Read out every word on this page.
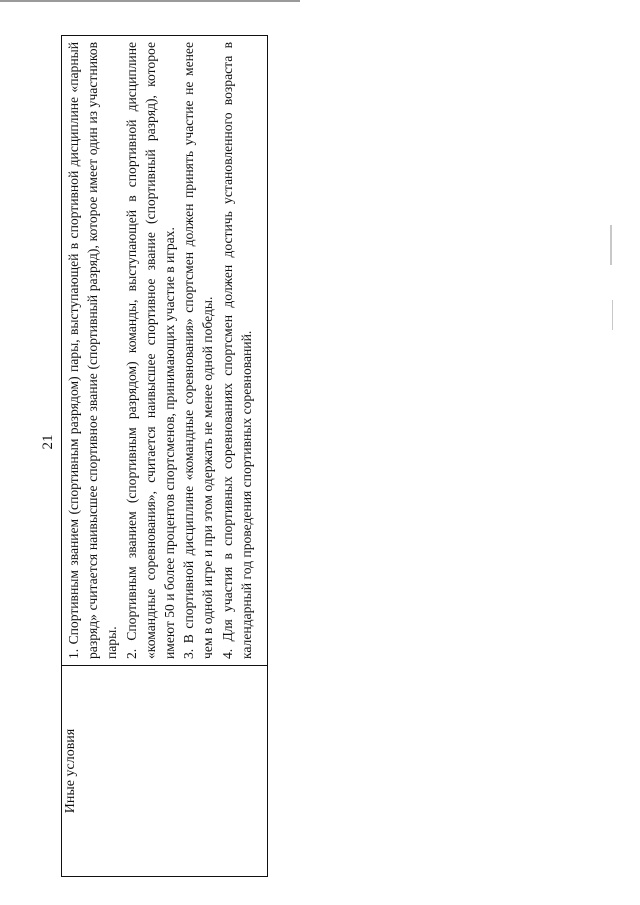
21
Иные условия	

1. Спортивным званием (спортивным разрядом) пары, выступающей в спортивной дисциплине «парный разряд» считается наивысшее спортивное звание (спортивный разряд), которое имеет один из участников пары. 2. Спортивным званием (спортивным разрядом) команды, выступающей в спортивной дисциплине «командные соревнования», считается наивысшее спортивное звание (спортивный разряд), которое имеют 50 и более процентов спортсменов, принимающих участие в играх. 3. В спортивной дисциплине «командные соревнования» спортсмен должен принять участие не менее чем в одной игре и при этом одержать не менее одной победы. 4. Для участия в спортивных соревнованиях спортсмен должен достичь установленного возраста в календарный год проведения спортивных соревнований.
